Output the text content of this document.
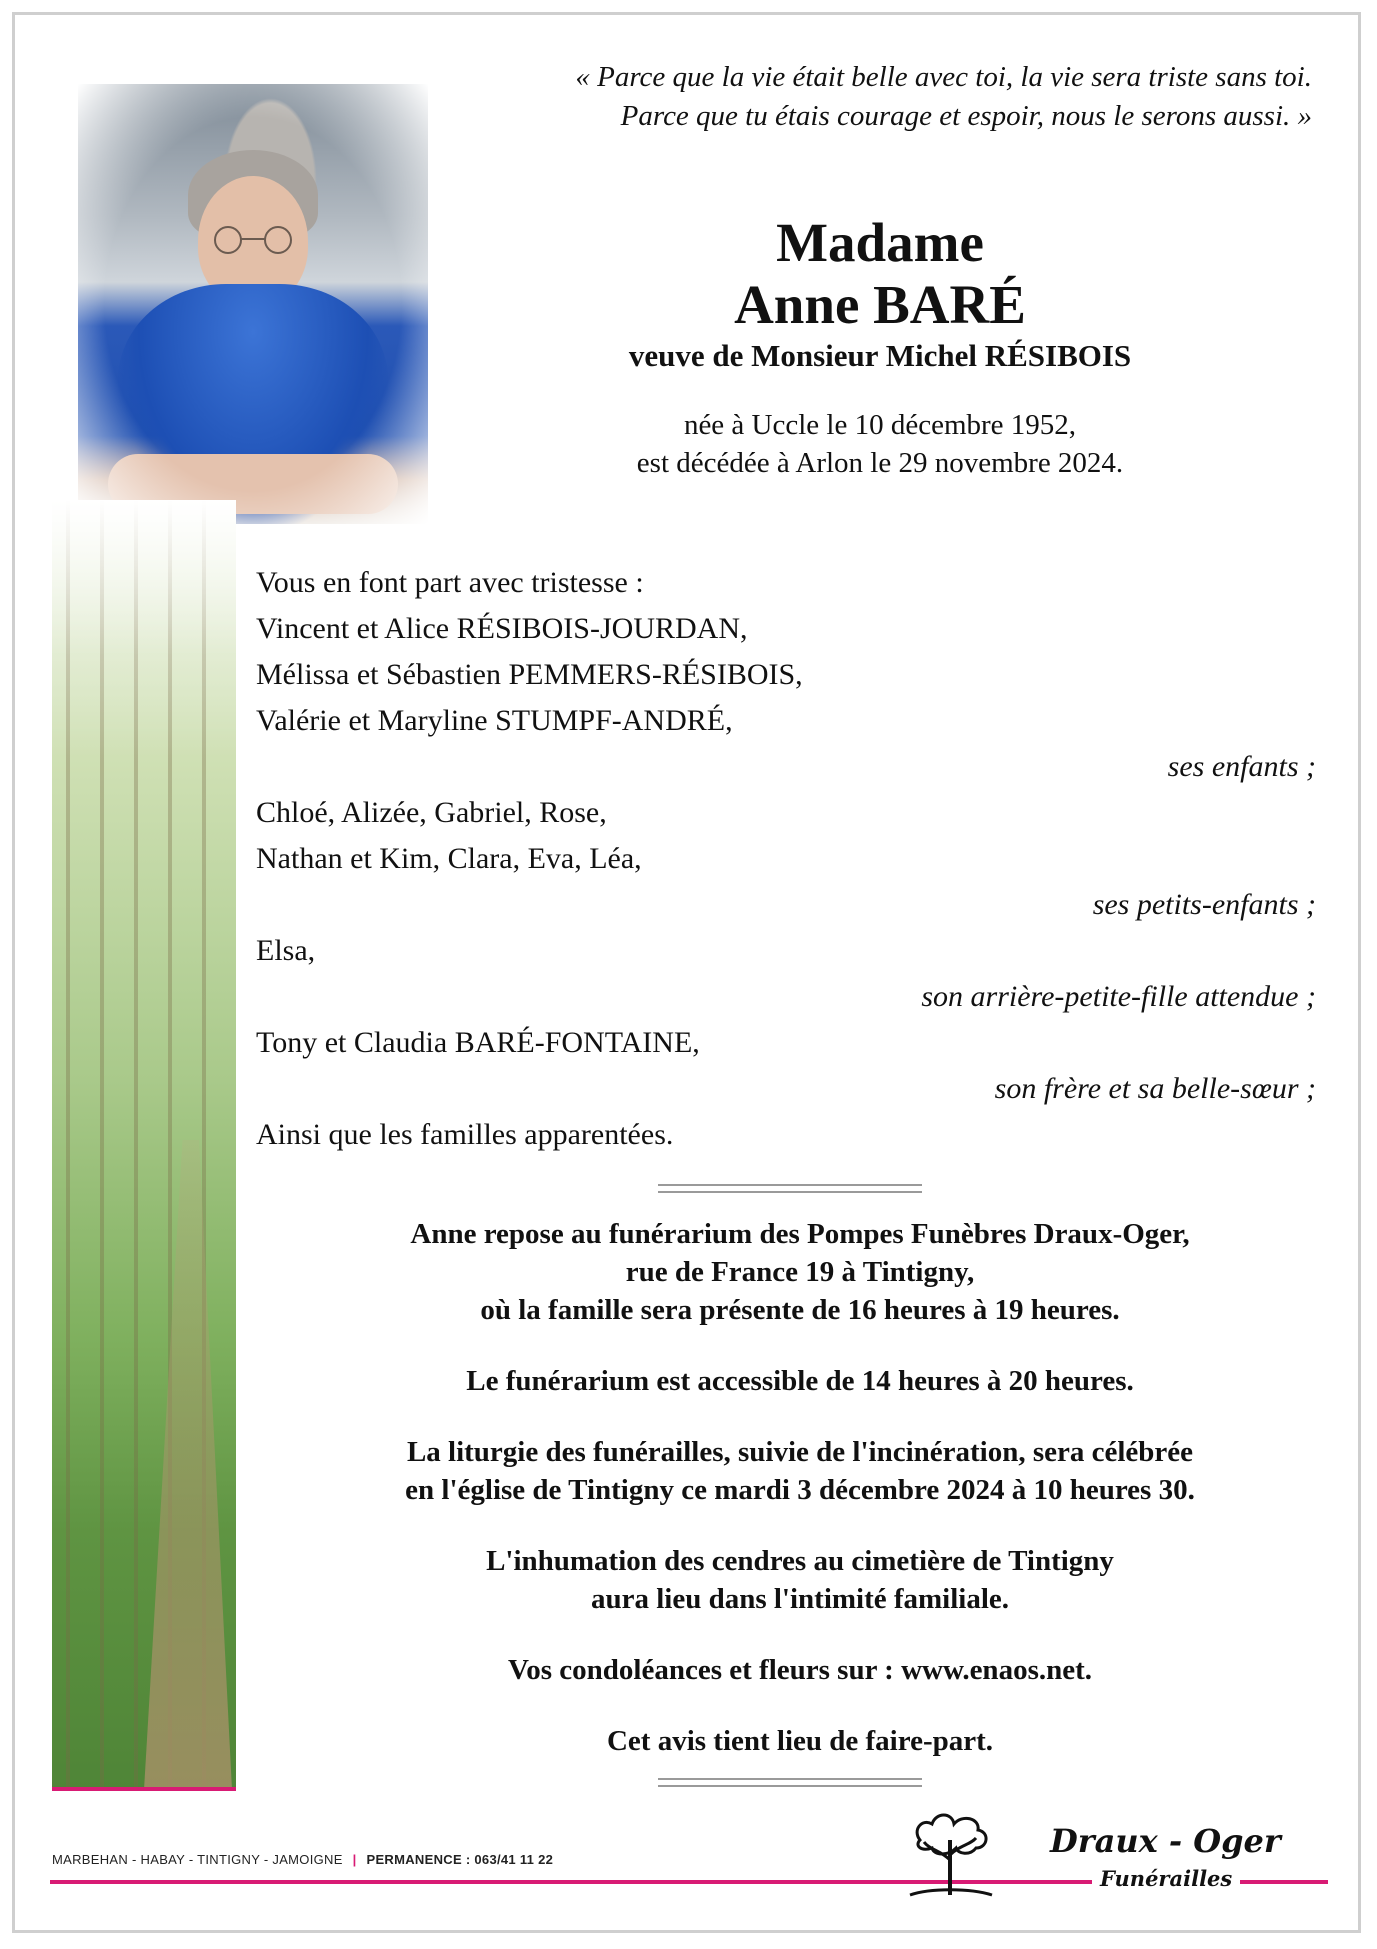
« Parce que la vie était belle avec toi, la vie sera triste sans toi.
Parce que tu étais courage et espoir, nous le serons aussi. »
Madame
Anne BARÉ
veuve de Monsieur Michel RÉSIBOIS
née à Uccle le 10 décembre 1952,
est décédée à Arlon le 29 novembre 2024.
Vous en font part avec tristesse :
Vincent et Alice RÉSIBOIS-JOURDAN,
Mélissa et Sébastien PEMMERS-RÉSIBOIS,
Valérie et Maryline STUMPF-ANDRÉ,
ses enfants ;
Chloé, Alizée, Gabriel, Rose,
Nathan et Kim, Clara, Eva, Léa,
ses petits-enfants ;
Elsa,
son arrière-petite-fille attendue ;
Tony et Claudia BARÉ-FONTAINE,
son frère et sa belle-sœur ;
Ainsi que les familles apparentées.

Anne repose au funérarium des Pompes Funèbres Draux-Oger,
rue de France 19 à Tintigny,
où la famille sera présente de 16 heures à 19 heures.

Le funérarium est accessible de 14 heures à 20 heures.

La liturgie des funérailles, suivie de l'incinération, sera célébrée
en l'église de Tintigny ce mardi 3 décembre 2024 à 10 heures 30.

L'inhumation des cendres au cimetière de Tintigny
aura lieu dans l'intimité familiale.

Vos condoléances et fleurs sur : www.enaos.net.

Cet avis tient lieu de faire-part.

MARBEHAN - HABAY - TINTIGNY - JAMOIGNE | PERMANENCE : 063/41 11 22	Draux - Oger
Funérailles
